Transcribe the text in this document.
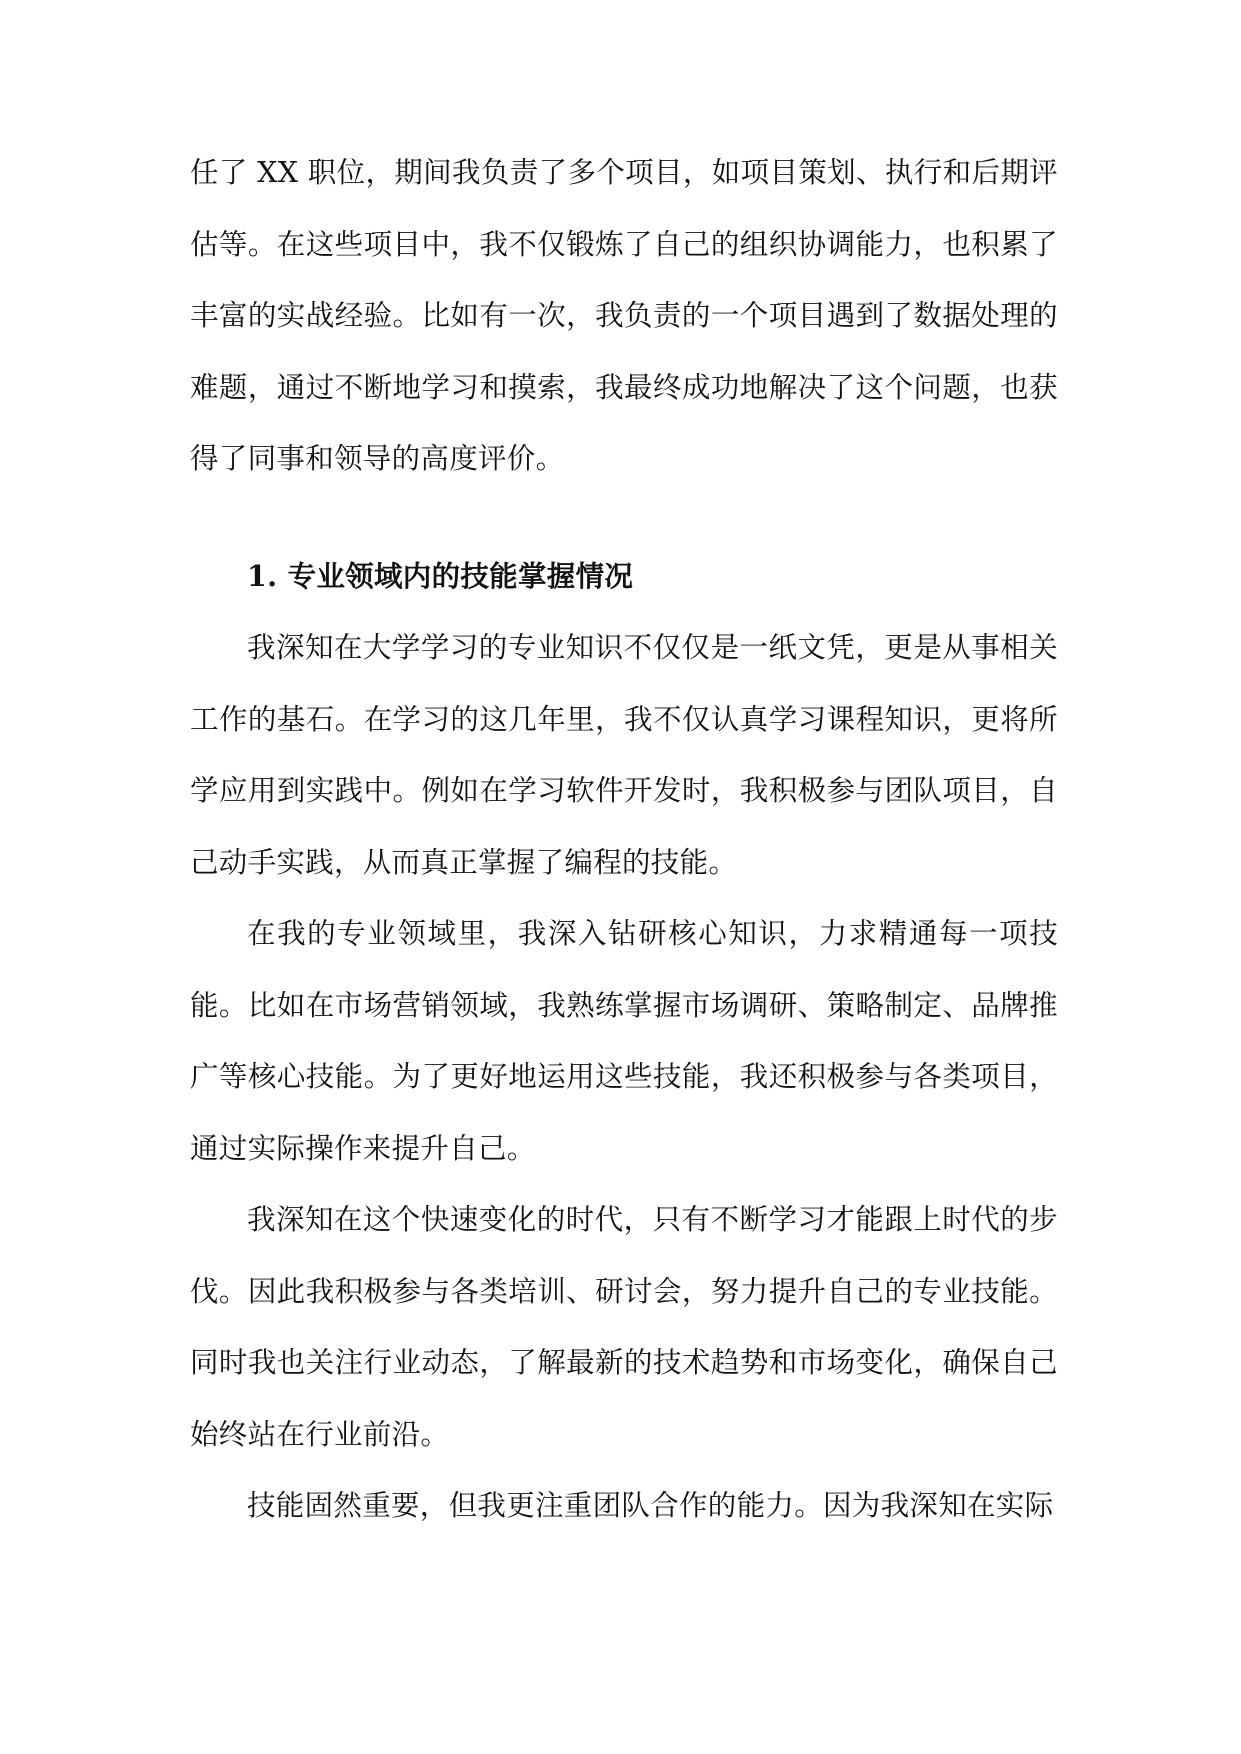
任了 XX 职位，期间我负责了多个项目，如项目策划、执行和后期评估等。在这些项目中，我不仅锻炼了自己的组织协调能力，也积累了丰富的实战经验。比如有一次，我负责的一个项目遇到了数据处理的难题，通过不断地学习和摸索，我最终成功地解决了这个问题，也获得了同事和领导的高度评价。

1. 专业领域内的技能掌握情况

我深知在大学学习的专业知识不仅仅是一纸文凭，更是从事相关工作的基石。在学习的这几年里，我不仅认真学习课程知识，更将所学应用到实践中。例如在学习软件开发时，我积极参与团队项目，自己动手实践，从而真正掌握了编程的技能。

在我的专业领域里，我深入钻研核心知识，力求精通每一项技能。比如在市场营销领域，我熟练掌握市场调研、策略制定、品牌推广等核心技能。为了更好地运用这些技能，我还积极参与各类项目，通过实际操作来提升自己。

我深知在这个快速变化的时代，只有不断学习才能跟上时代的步伐。因此我积极参与各类培训、研讨会，努力提升自己的专业技能。同时我也关注行业动态，了解最新的技术趋势和市场变化，确保自己始终站在行业前沿。

技能固然重要，但我更注重团队合作的能力。因为我深知在实际
